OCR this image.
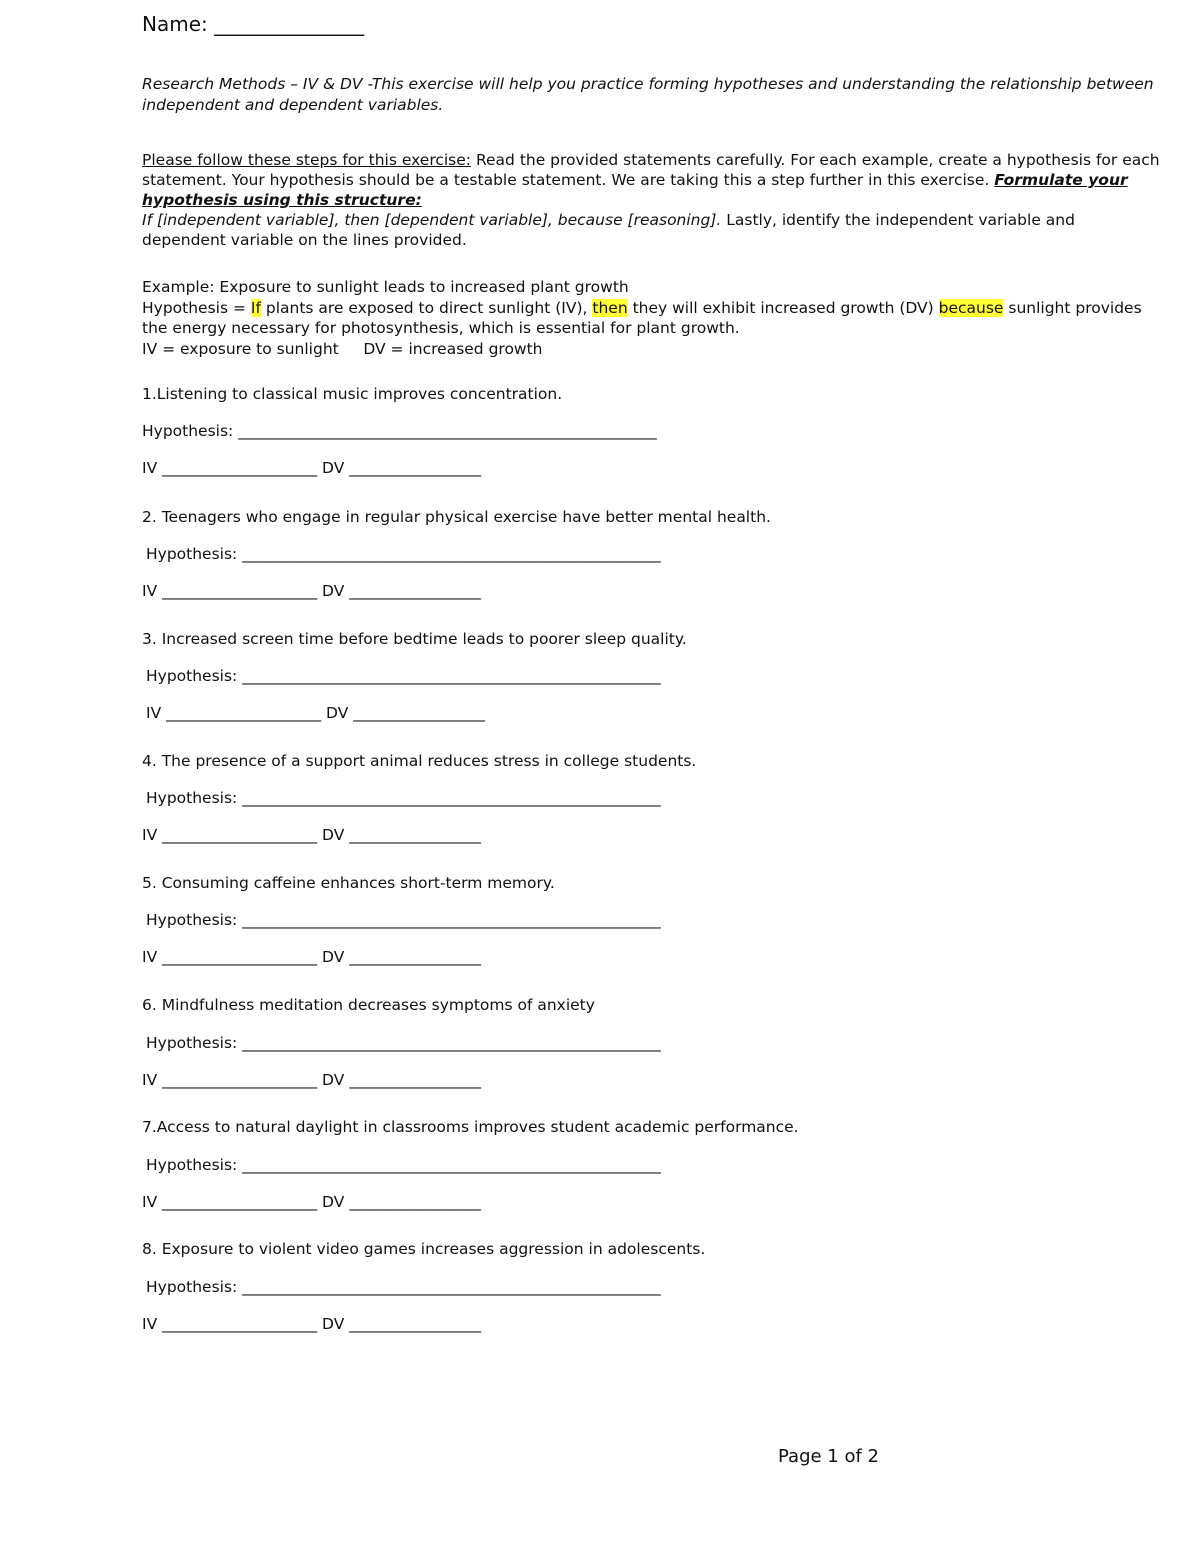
Name: _______________
Research Methods – IV & DV -This exercise will help you practice forming hypotheses and understanding the relationship between independent and dependent variables.
Please follow these steps for this exercise: Read the provided statements carefully. For each example, create a hypothesis for each statement. Your hypothesis should be a testable statement. We are taking this a step further in this exercise. Formulate your hypothesis using this structure:
If [independent variable], then [dependent variable], because [reasoning]. Lastly, identify the independent variable and dependent variable on the lines provided.
Example: Exposure to sunlight leads to increased plant growth
Hypothesis = If plants are exposed to direct sunlight (IV), then they will exhibit increased growth (DV) because sunlight provides the energy necessary for photosynthesis, which is essential for plant growth.
IV = exposure to sunlight     DV = increased growth
1.Listening to classical music improves concentration.
Hypothesis: ______________________________________________________
IV ____________________ DV _________________
2. Teenagers who engage in regular physical exercise have better mental health.
Hypothesis: ______________________________________________________
IV ____________________ DV _________________
3. Increased screen time before bedtime leads to poorer sleep quality.
Hypothesis: ______________________________________________________
IV ____________________ DV _________________
4. The presence of a support animal reduces stress in college students.
Hypothesis: ______________________________________________________
IV ____________________ DV _________________
5. Consuming caffeine enhances short-term memory.
Hypothesis: ______________________________________________________
IV ____________________ DV _________________
6. Mindfulness meditation decreases symptoms of anxiety
Hypothesis: ______________________________________________________
IV ____________________ DV _________________
7.Access to natural daylight in classrooms improves student academic performance.
Hypothesis: ______________________________________________________
IV ____________________ DV _________________
8. Exposure to violent video games increases aggression in adolescents.
Hypothesis: ______________________________________________________
IV ____________________ DV _________________
Page 1 of 2
